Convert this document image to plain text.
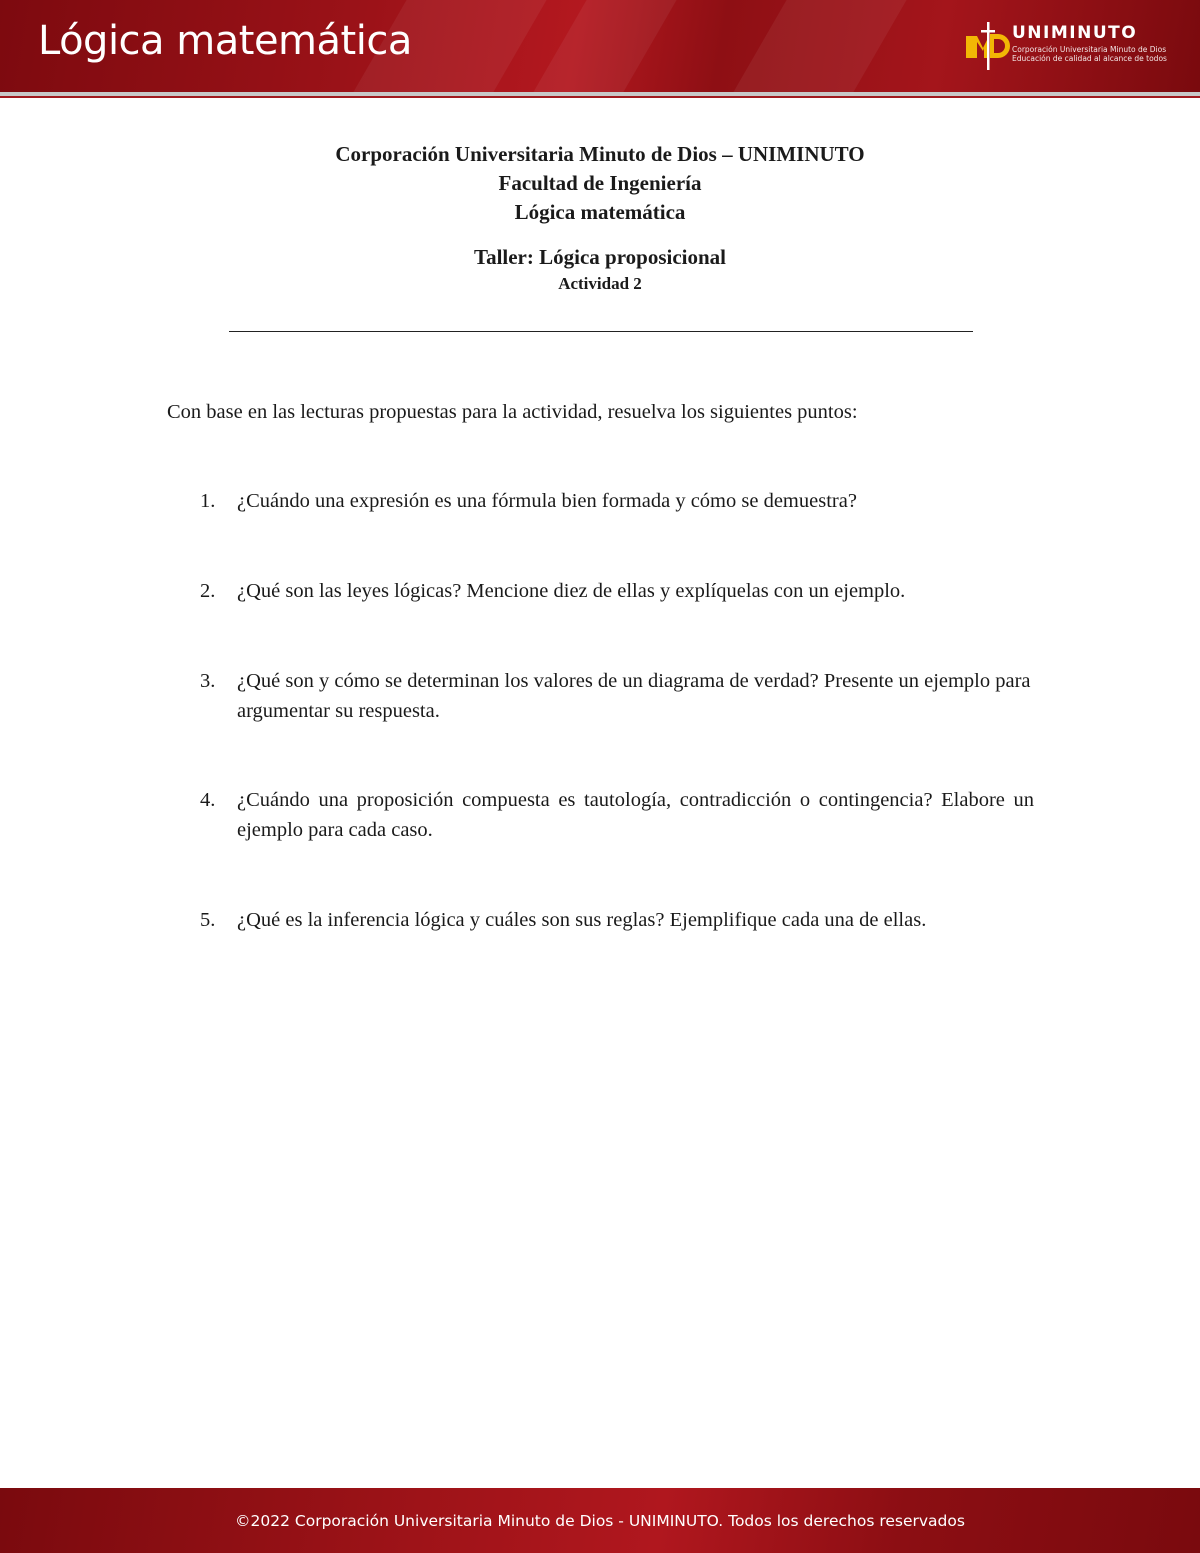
Lógica matemática	UNIMINUTO
Corporación Universitaria Minuto de Dios
Educación de calidad al alcance de todos
Corporación Universitaria Minuto de Dios – UNIMINUTO
Facultad de Ingeniería
Lógica matemática
Taller: Lógica proposicional
Actividad 2
Con base en las lecturas propuestas para la actividad, resuelva los siguientes puntos:
1. ¿Cuándo una expresión es una fórmula bien formada y cómo se demuestra?
2. ¿Qué son las leyes lógicas? Mencione diez de ellas y explíquelas con un ejemplo.
3. ¿Qué son y cómo se determinan los valores de un diagrama de verdad? Presente un ejemplo para argumentar su respuesta.
4. ¿Cuándo una proposición compuesta es tautología, contradicción o contingencia? Elabore un ejemplo para cada caso.
5. ¿Qué es la inferencia lógica y cuáles son sus reglas? Ejemplifique cada una de ellas.
©2022 Corporación Universitaria Minuto de Dios - UNIMINUTO. Todos los derechos reservados
